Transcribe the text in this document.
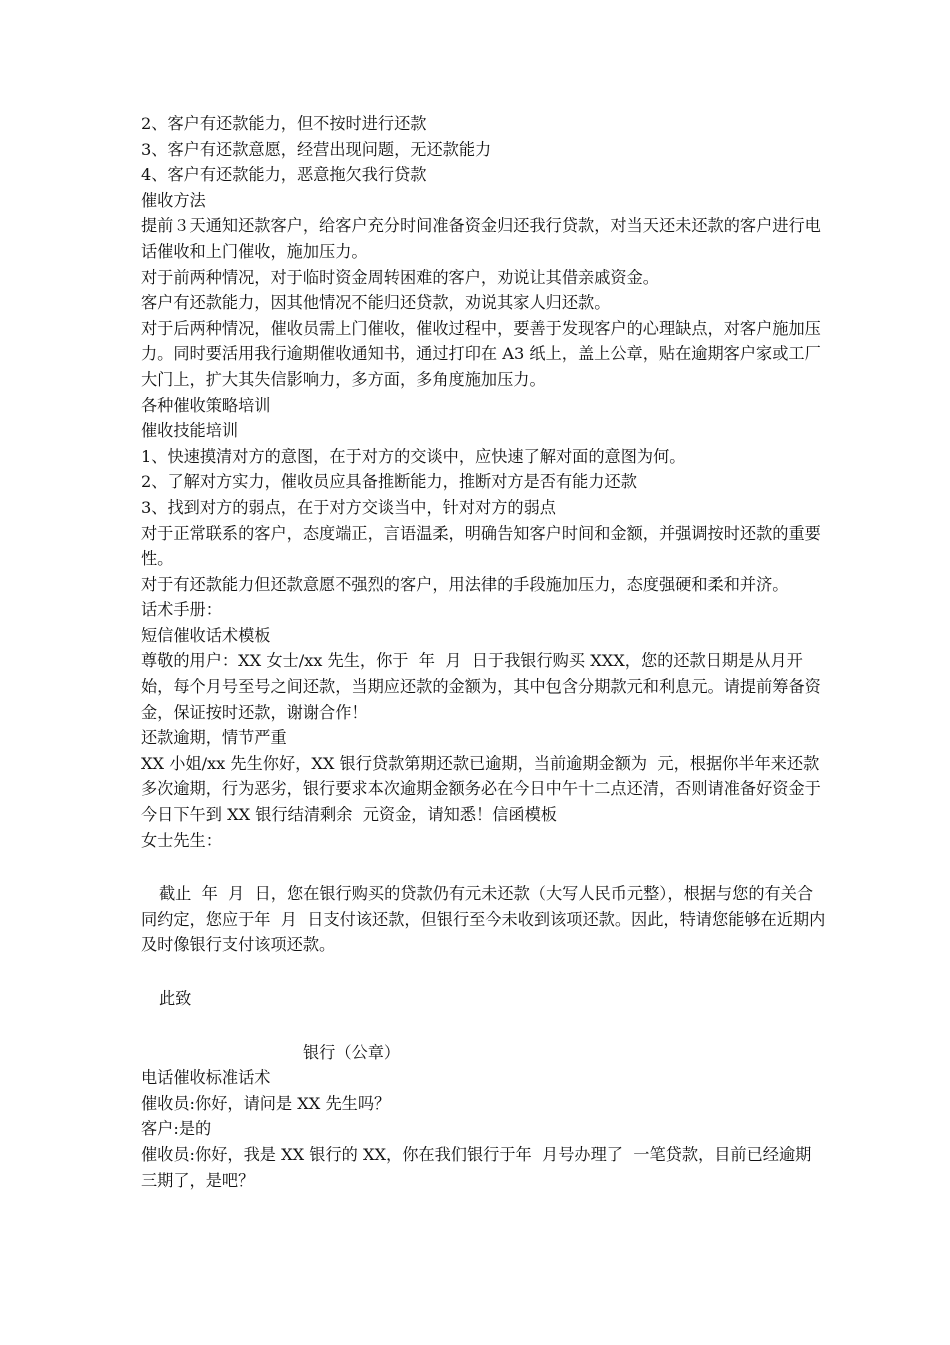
2、客户有还款能力，但不按时进行还款

3、客户有还款意愿，经营出现问题，无还款能力

4、客户有还款能力，恶意拖欠我行贷款

催收方法

提前３天通知还款客户，给客户充分时间准备资金归还我行贷款，对当天还未还款的客户进行电话催收和上门催收，施加压力。

对于前两种情况，对于临时资金周转困难的客户，劝说让其借亲戚资金。

客户有还款能力，因其他情况不能归还贷款，劝说其家人归还款。

对于后两种情况，催收员需上门催收，催收过程中，要善于发现客户的心理缺点，对客户施加压力。同时要活用我行逾期催收通知书，通过打印在 A3 纸上，盖上公章，贴在逾期客户家或工厂大门上，扩大其失信影响力，多方面，多角度施加压力。

各种催收策略培训

催收技能培训

1、快速摸清对方的意图，在于对方的交谈中，应快速了解对面的意图为何。

2、了解对方实力，催收员应具备推断能力，推断对方是否有能力还款

3、找到对方的弱点，在于对方交谈当中，针对对方的弱点

对于正常联系的客户，态度端正，言语温柔，明确告知客户时间和金额，并强调按时还款的重要性。

对于有还款能力但还款意愿不强烈的客户，用法律的手段施加压力，态度强硬和柔和并济。

话术手册：

短信催收话术模板

尊敬的用户：XX 女士/xx 先生，你于  年  月  日于我银行购买 XXX，您的还款日期是从月开始，每个月号至号之间还款，当期应还款的金额为，其中包含分期款元和利息元。请提前筹备资金，保证按时还款，谢谢合作！

还款逾期，情节严重

XX 小姐/xx 先生你好，XX 银行贷款第期还款已逾期，当前逾期金额为  元，根据你半年来还款多次逾期，行为恶劣，银行要求本次逾期金额务必在今日中午十二点还清，否则请准备好资金于今日下午到 XX 银行结清剩余  元资金，请知悉！信函模板

女士先生：

截止  年  月  日，您在银行购买的贷款仍有元未还款（大写人民币元整），根据与您的有关合同约定，您应于年  月  日支付该还款，但银行至今未收到该项还款。因此，特请您能够在近期内及时像银行支付该项还款。

此致

银行（公章）

电话催收标准话术

催收员:你好，请问是 XX 先生吗？

客户:是的

催收员:你好，我是 XX 银行的 XX，你在我们银行于年  月号办理了  一笔贷款，目前已经逾期三期了，是吧？
